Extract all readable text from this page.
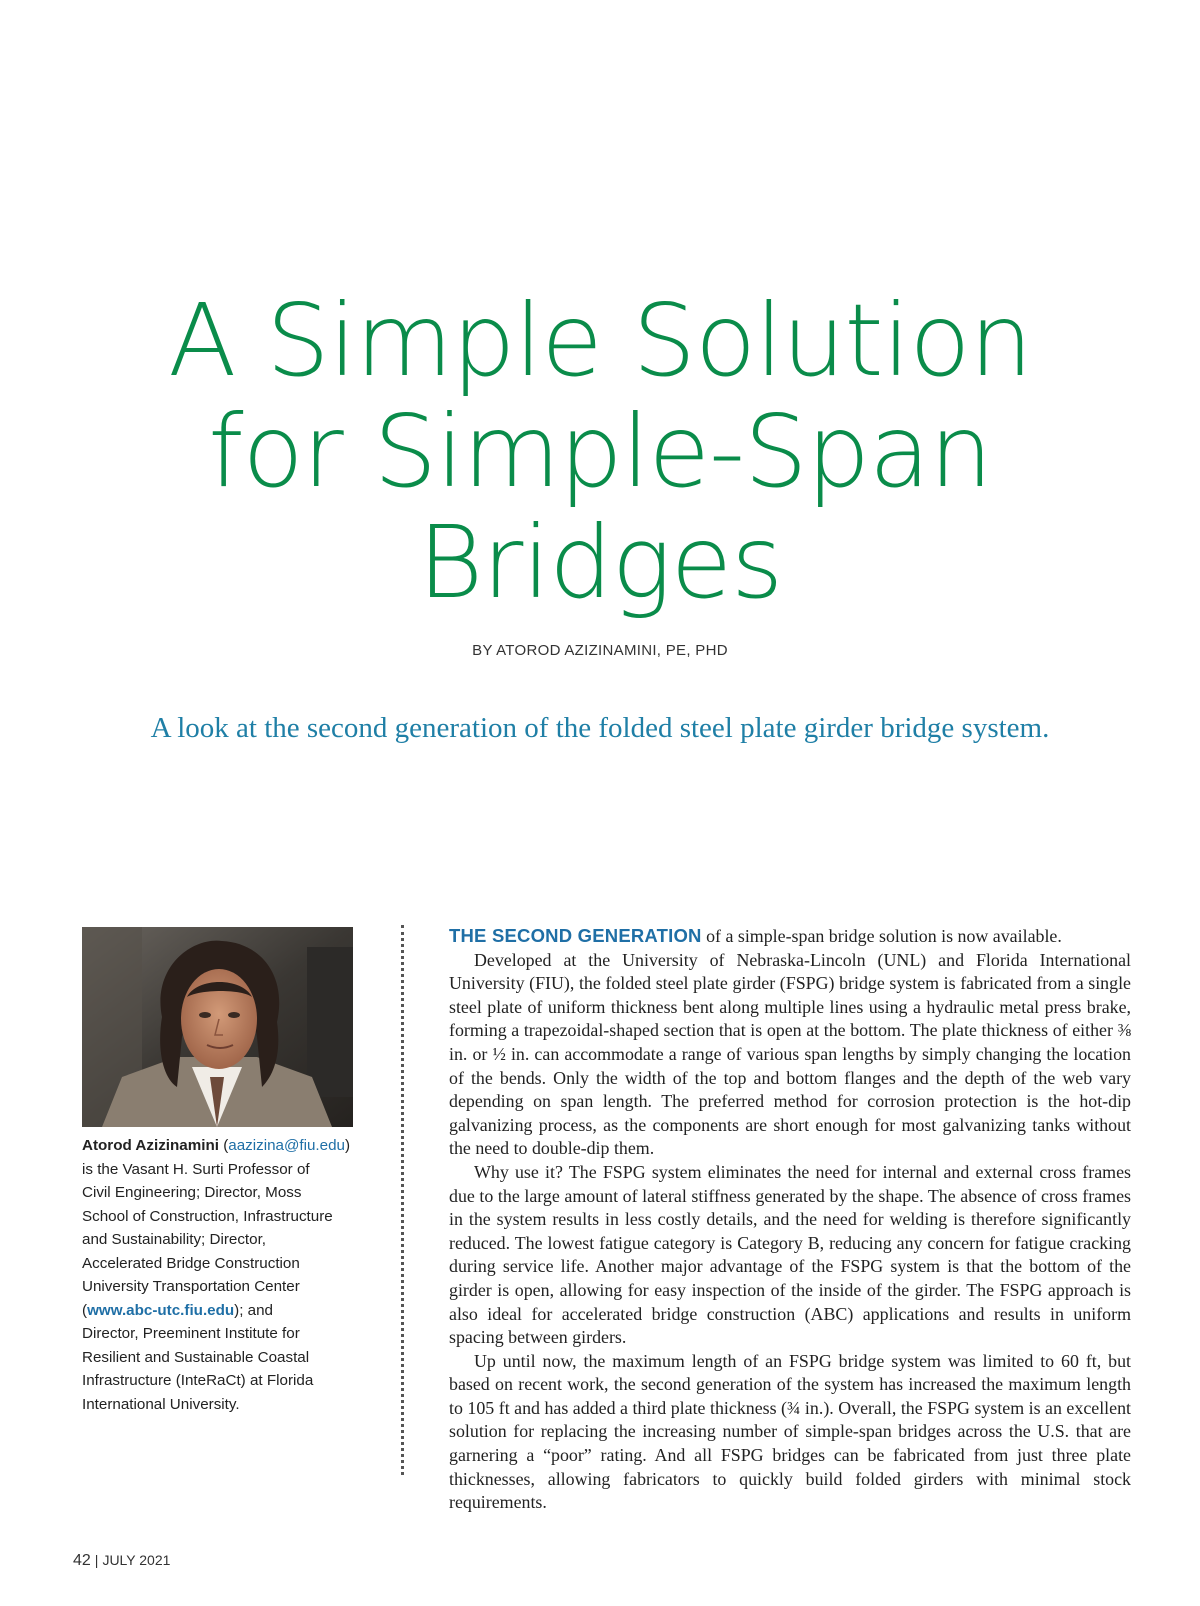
A Simple Solution
for Simple-Span
Bridges
BY ATOROD AZIZINAMINI, PE, PHD
A look at the second generation of the folded steel plate girder bridge system.
Atorod Azizinamini (aazizina@fiu.edu)
is the Vasant H. Surti Professor of
Civil Engineering; Director, Moss
School of Construction, Infrastructure
and Sustainability; Director,
Accelerated Bridge Construction
University Transportation Center
(www.abc-utc.fiu.edu); and
Director, Preeminent Institute for
Resilient and Sustainable Coastal
Infrastructure (InteRaCt) at Florida
International University.

THE SECOND GENERATION of a simple-span bridge solution is now available.

Developed at the University of Nebraska-Lincoln (UNL) and Florida International University (FIU), the folded steel plate girder (FSPG) bridge system is fabricated from a single steel plate of uniform thickness bent along multiple lines using a hydraulic metal press brake, forming a trapezoidal-shaped section that is open at the bottom. The plate thickness of either ⅜ in. or ½ in. can accommodate a range of various span lengths by simply changing the location of the bends. Only the width of the top and bottom flanges and the depth of the web vary depending on span length. The preferred method for corrosion protection is the hot-dip galvanizing process, as the components are short enough for most galvanizing tanks without the need to double-dip them.

Why use it? The FSPG system eliminates the need for internal and external cross frames due to the large amount of lateral stiffness generated by the shape. The absence of cross frames in the system results in less costly details, and the need for welding is therefore significantly reduced. The lowest fatigue category is Category B, reducing any concern for fatigue cracking during service life. Another major advantage of the FSPG system is that the bottom of the girder is open, allowing for easy inspection of the inside of the girder. The FSPG approach is also ideal for accelerated bridge construction (ABC) applications and results in uniform spacing between girders.

Up until now, the maximum length of an FSPG bridge system was limited to 60 ft, but based on recent work, the second generation of the system has increased the maximum length to 105 ft and has added a third plate thickness (¾ in.). Overall, the FSPG system is an excellent solution for replacing the increasing number of simple-span bridges across the U.S. that are garnering a “poor” rating. And all FSPG bridges can be fabricated from just three plate thicknesses, allowing fabricators to quickly build folded girders with minimal stock requirements.

42 | JULY 2021
